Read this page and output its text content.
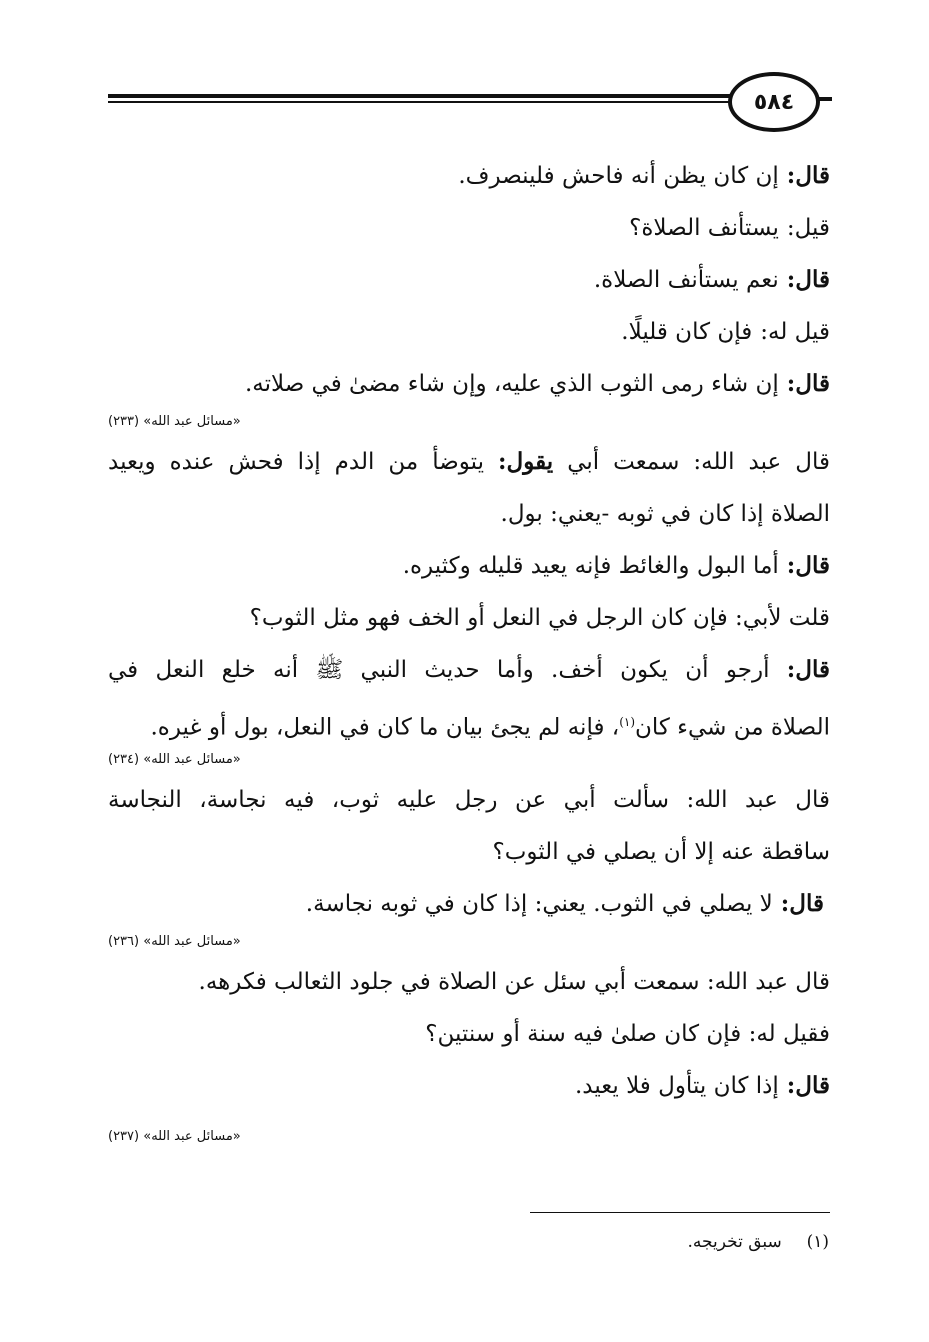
٥٨٤
قال:إن كان يظن أنه فاحش فلينصرف.
قيل:يستأنف الصلاة؟
قال:نعم يستأنف الصلاة.
قيل له:فإن كان قليلًا.
قال:إن شاء رمى الثوب الذي عليه، وإن شاء مضىٰ في صلاته.
«مسائل عبد الله» (٢٣٣)
قال عبد الله: سمعت أبي يقول: يتوضأ من الدم إذا فحش عنده ويعيد
الصلاة إذا كان في ثوبه -يعني: بول.
قال:أما البول والغائط فإنه يعيد قليله وكثيره.
قلت لأبي: فإن كان الرجل في النعل أو الخف فهو مثل الثوب؟
قال: أرجو أن يكون أخف. وأما حديث النبي ﷺ أنه خلع النعل في
الصلاة من شيء كان$^{(١)}$، فإنه لم يجئ بيان ما كان في النعل، بول أو غيره.
«مسائل عبد الله» (٢٣٤)
قال عبد الله: سألت أبي عن رجل عليه ثوب، فيه نجاسة، النجاسة
ساقطة عنه إلا أن يصلي في الثوب؟
قال:لا يصلي في الثوب. يعني: إذا كان في ثوبه نجاسة.
«مسائل عبد الله» (٢٣٦)
قال عبد الله: سمعت أبي سئل عن الصلاة في جلود الثعالب فكرهه.
فقيل له: فإن كان صلىٰ فيه سنة أو سنتين؟
قال:إذا كان يتأول فلا يعيد.
«مسائل عبد الله» (٢٣٧)
(١)  سبق تخريجه.
